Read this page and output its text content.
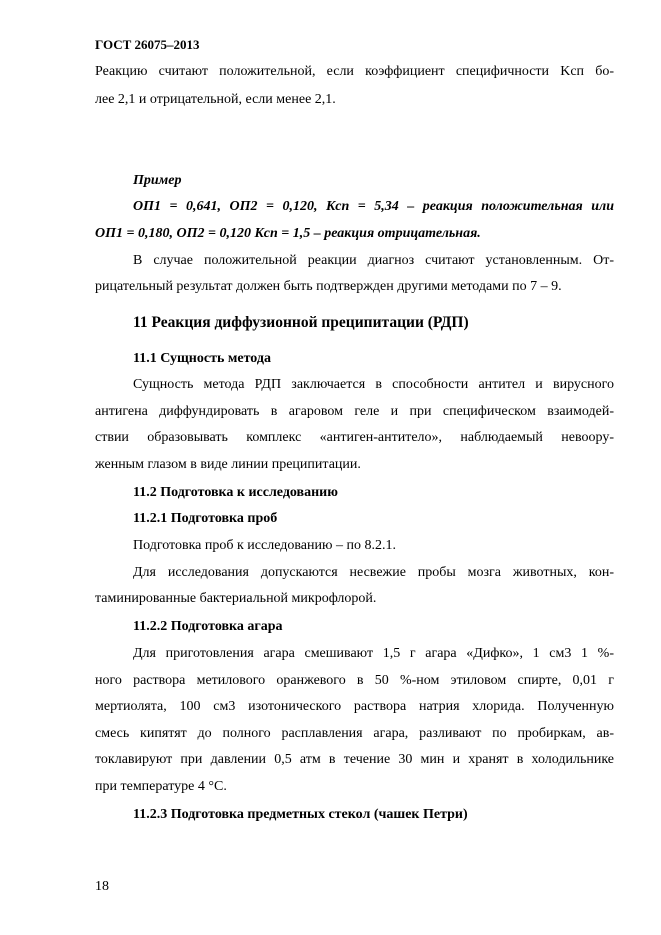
ГОСТ 26075–2013
Реакцию считают положительной, если коэффициент специфичности Kсп бо-
лее 2,1 и отрицательной, если менее 2,1.
Пример
ОП1 = 0,641, ОП2 = 0,120, Kсп = 5,34 – реакция положительная или
ОП1 = 0,180, ОП2 = 0,120 Kсп = 1,5 – реакция отрицательная.
В случае положительной реакции диагноз считают установленным. От-
рицательный результат должен быть подтвержден другими методами по 7 – 9.
11 Реакция диффузионной преципитации (РДП)
11.1 Сущность метода
Сущность метода РДП заключается в способности антител и вирусного
антигена диффундировать в агаровом геле и при специфическом взаимодей-
ствии образовывать комплекс «антиген-антитело», наблюдаемый невоору-
женным глазом в виде линии преципитации.
11.2 Подготовка к исследованию
11.2.1 Подготовка проб
Подготовка проб к исследованию – по 8.2.1.
Для исследования допускаются несвежие пробы мозга животных, кон-
таминированные бактериальной микрофлорой.
11.2.2 Подготовка агара
Для приготовления агара смешивают 1,5 г агара «Дифко», 1 см3 1 %-
ного раствора метилового оранжевого в 50 %-ном этиловом спирте, 0,01 г
мертиолята, 100 см3 изотонического раствора натрия хлорида. Полученную
смесь кипятят до полного расплавления агара, разливают по пробиркам, ав-
токлавируют при давлении 0,5 атм в течение 30 мин и хранят в холодильнике
при температуре 4 °С.
11.2.3 Подготовка предметных стекол (чашек Петри)
18
